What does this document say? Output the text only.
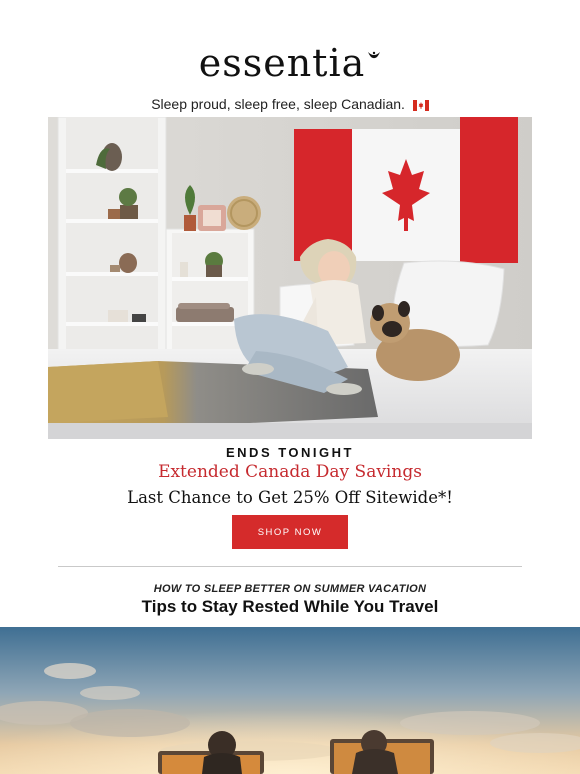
essentia
Sleep proud, sleep free, sleep Canadian.
ENDS TONIGHT
Extended Canada Day Savings
Last Chance to Get 25% Off Sitewide*!
SHOP NOW
HOW TO SLEEP BETTER ON SUMMER VACATION
Tips to Stay Rested While You Travel
